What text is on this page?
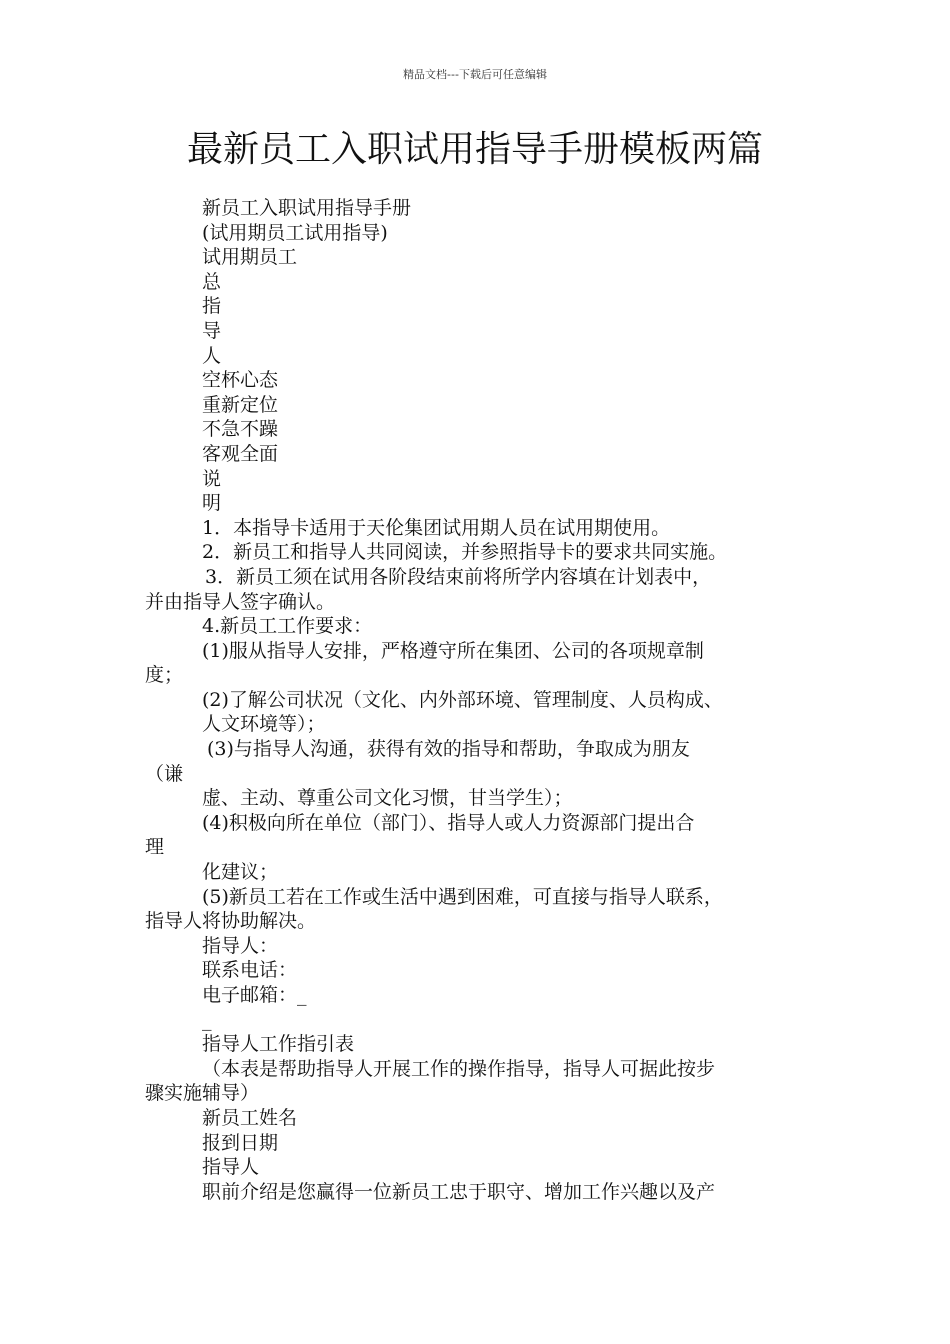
精品文档---下载后可任意编辑
最新员工入职试用指导手册模板两篇
新员工入职试用指导手册
(试用期员工试用指导)
试用期员工
总
指
导
人
空杯心态
重新定位
不急不躁
客观全面
说
明
1．本指导卡适用于天伦集团试用期人员在试用期使用。
2．新员工和指导人共同阅读，并参照指导卡的要求共同实施。
3．新员工须在试用各阶段结束前将所学内容填在计划表中，
并由指导人签字确认。
4.新员工工作要求：
(1)服从指导人安排，严格遵守所在集团、公司的各项规章制
度；
(2)了解公司状况（文化、内外部环境、管理制度、人员构成、
人文环境等）；
(3)与指导人沟通，获得有效的指导和帮助，争取成为朋友
（谦
虚、主动、尊重公司文化习惯，甘当学生）；
(4)积极向所在单位（部门）、指导人或人力资源部门提出合
理
化建议；
(5)新员工若在工作或生活中遇到困难，可直接与指导人联系，
指导人将协助解决。
指导人：
联系电话：
电子邮箱：_
_
指导人工作指引表
（本表是帮助指导人开展工作的操作指导，指导人可据此按步
骤实施辅导）
新员工姓名
报到日期
指导人
职前介绍是您赢得一位新员工忠于职守、增加工作兴趣以及产
